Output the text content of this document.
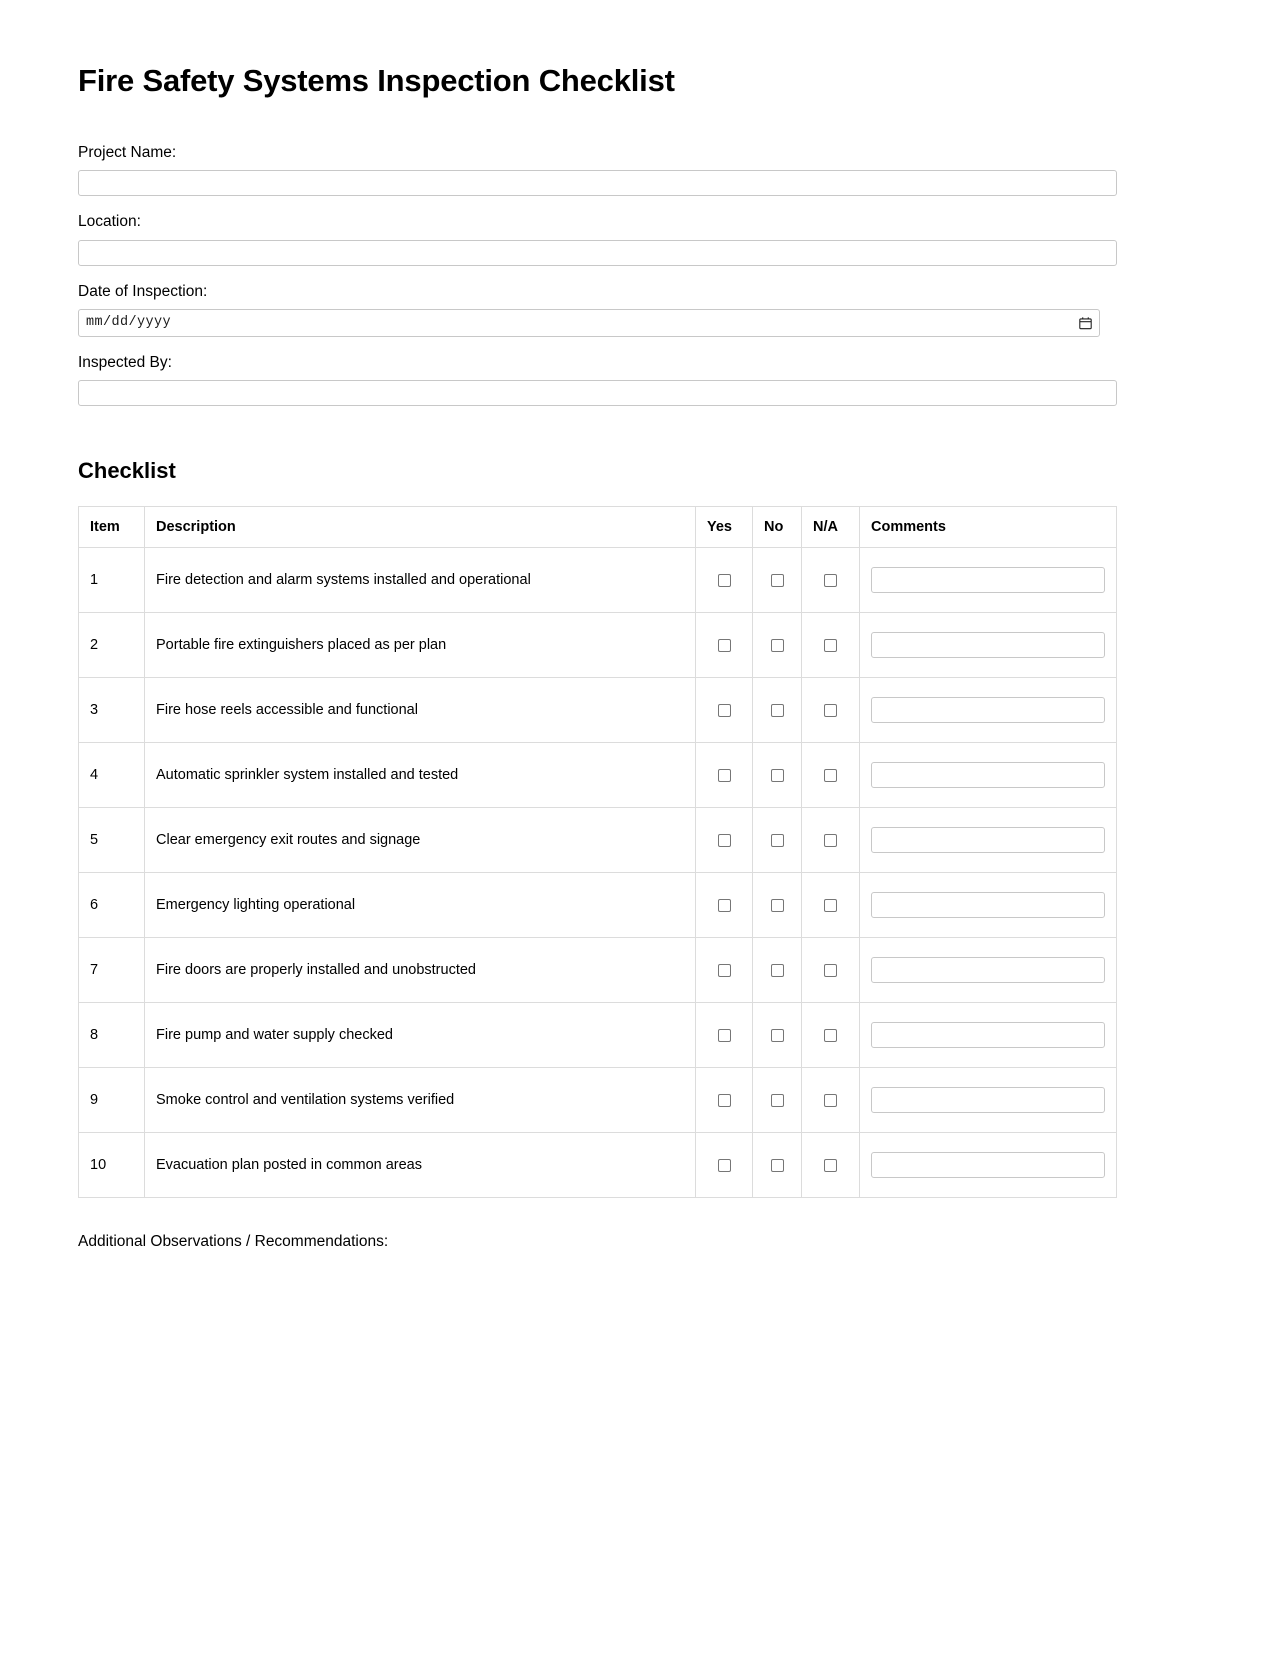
Fire Safety Systems Inspection Checklist
Project Name:
Location:
Date of Inspection:
mm/dd/yyyy
Inspected By:
Checklist
Item	Description	Yes	No	N/A	Comments
1	Fire detection and alarm systems installed and operational				

2	Portable fire extinguishers placed as per plan				

3	Fire hose reels accessible and functional				

4	Automatic sprinkler system installed and tested				

5	Clear emergency exit routes and signage				

6	Emergency lighting operational				

7	Fire doors are properly installed and unobstructed				

8	Fire pump and water supply checked				

9	Smoke control and ventilation systems verified				

10	Evacuation plan posted in common areas				

Additional Observations / Recommendations:
